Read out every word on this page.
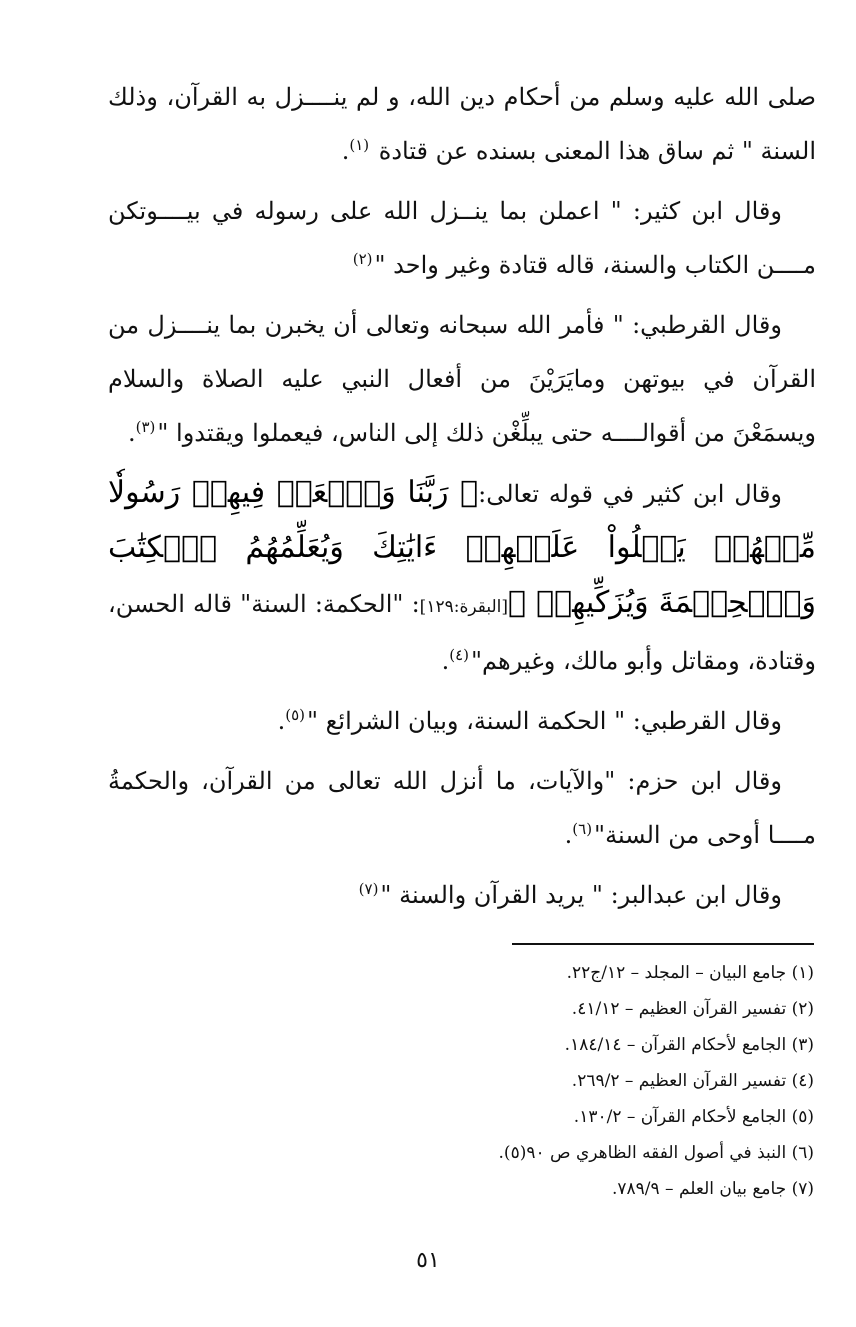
صلى الله عليه وسلم من أحكام دين الله، و لم ينــــزل به القرآن، وذلك السنة " ثم ساق هذا المعنى بسنده عن قتادة $^{(١)}$.

وقال ابن كثير: " اعملن بما ينــزل الله على رسوله في بيــــوتكن مــــن الكتاب والسنة، قاله قتادة وغير واحد "$^{(٢)}$

وقال القرطبي: " فأمر الله سبحانه وتعالى أن يخبرن بما ينــــزل من القرآن في بيوتهن ومايَرَيْنَ من أفعال النبي عليه الصلاة والسلام ويسمَعْنَ من أقوالــــه حتى يبلِّغْن ذلك إلى الناس، فيعملوا ويقتدوا "$^{(٣)}$.

وقال ابن كثير في قوله تعالى:﴿ رَبَّنَا وَٱبۡعَثۡ فِيهِمۡ رَسُولٗا مِّنۡهُمۡ يَتۡلُواْ عَلَيۡهِمۡ ءَايَٰتِكَ وَيُعَلِّمُهُمُ ٱلۡكِتَٰبَ وَٱلۡحِكۡمَةَ وَيُزَكِّيهِمۡ ﴾[البقرة:١٢٩]: "الحكمة: السنة" قاله الحسن، وقتادة، ومقاتل وأبو مالك، وغيرهم"$^{(٤)}$.

وقال القرطبي: " الحكمة السنة، وبيان الشرائع "$^{(٥)}$.

وقال ابن حزم: "والآيات، ما أنزل الله تعالى من القرآن، والحكمةُ مــــا أوحى من السنة"$^{(٦)}$.

وقال ابن عبدالبر: " يريد القرآن والسنة "$^{(٧)}$

(١) جامع البيان – المجلد – ١٢/ج٢٢.
(٢) تفسير القرآن العظيم – ٤١/١٢.
(٣) الجامع لأحكام القرآن – ١٨٤/١٤.
(٤) تفسير القرآن العظيم – ٢٦٩/٢.
(٥) الجامع لأحكام القرآن – ١٣٠/٢.
(٦) النبذ في أصول الفقه الظاهري ص ٩٠(٥).
(٧) جامع بيان العلم – ٧٨٩/٩.
٥١
